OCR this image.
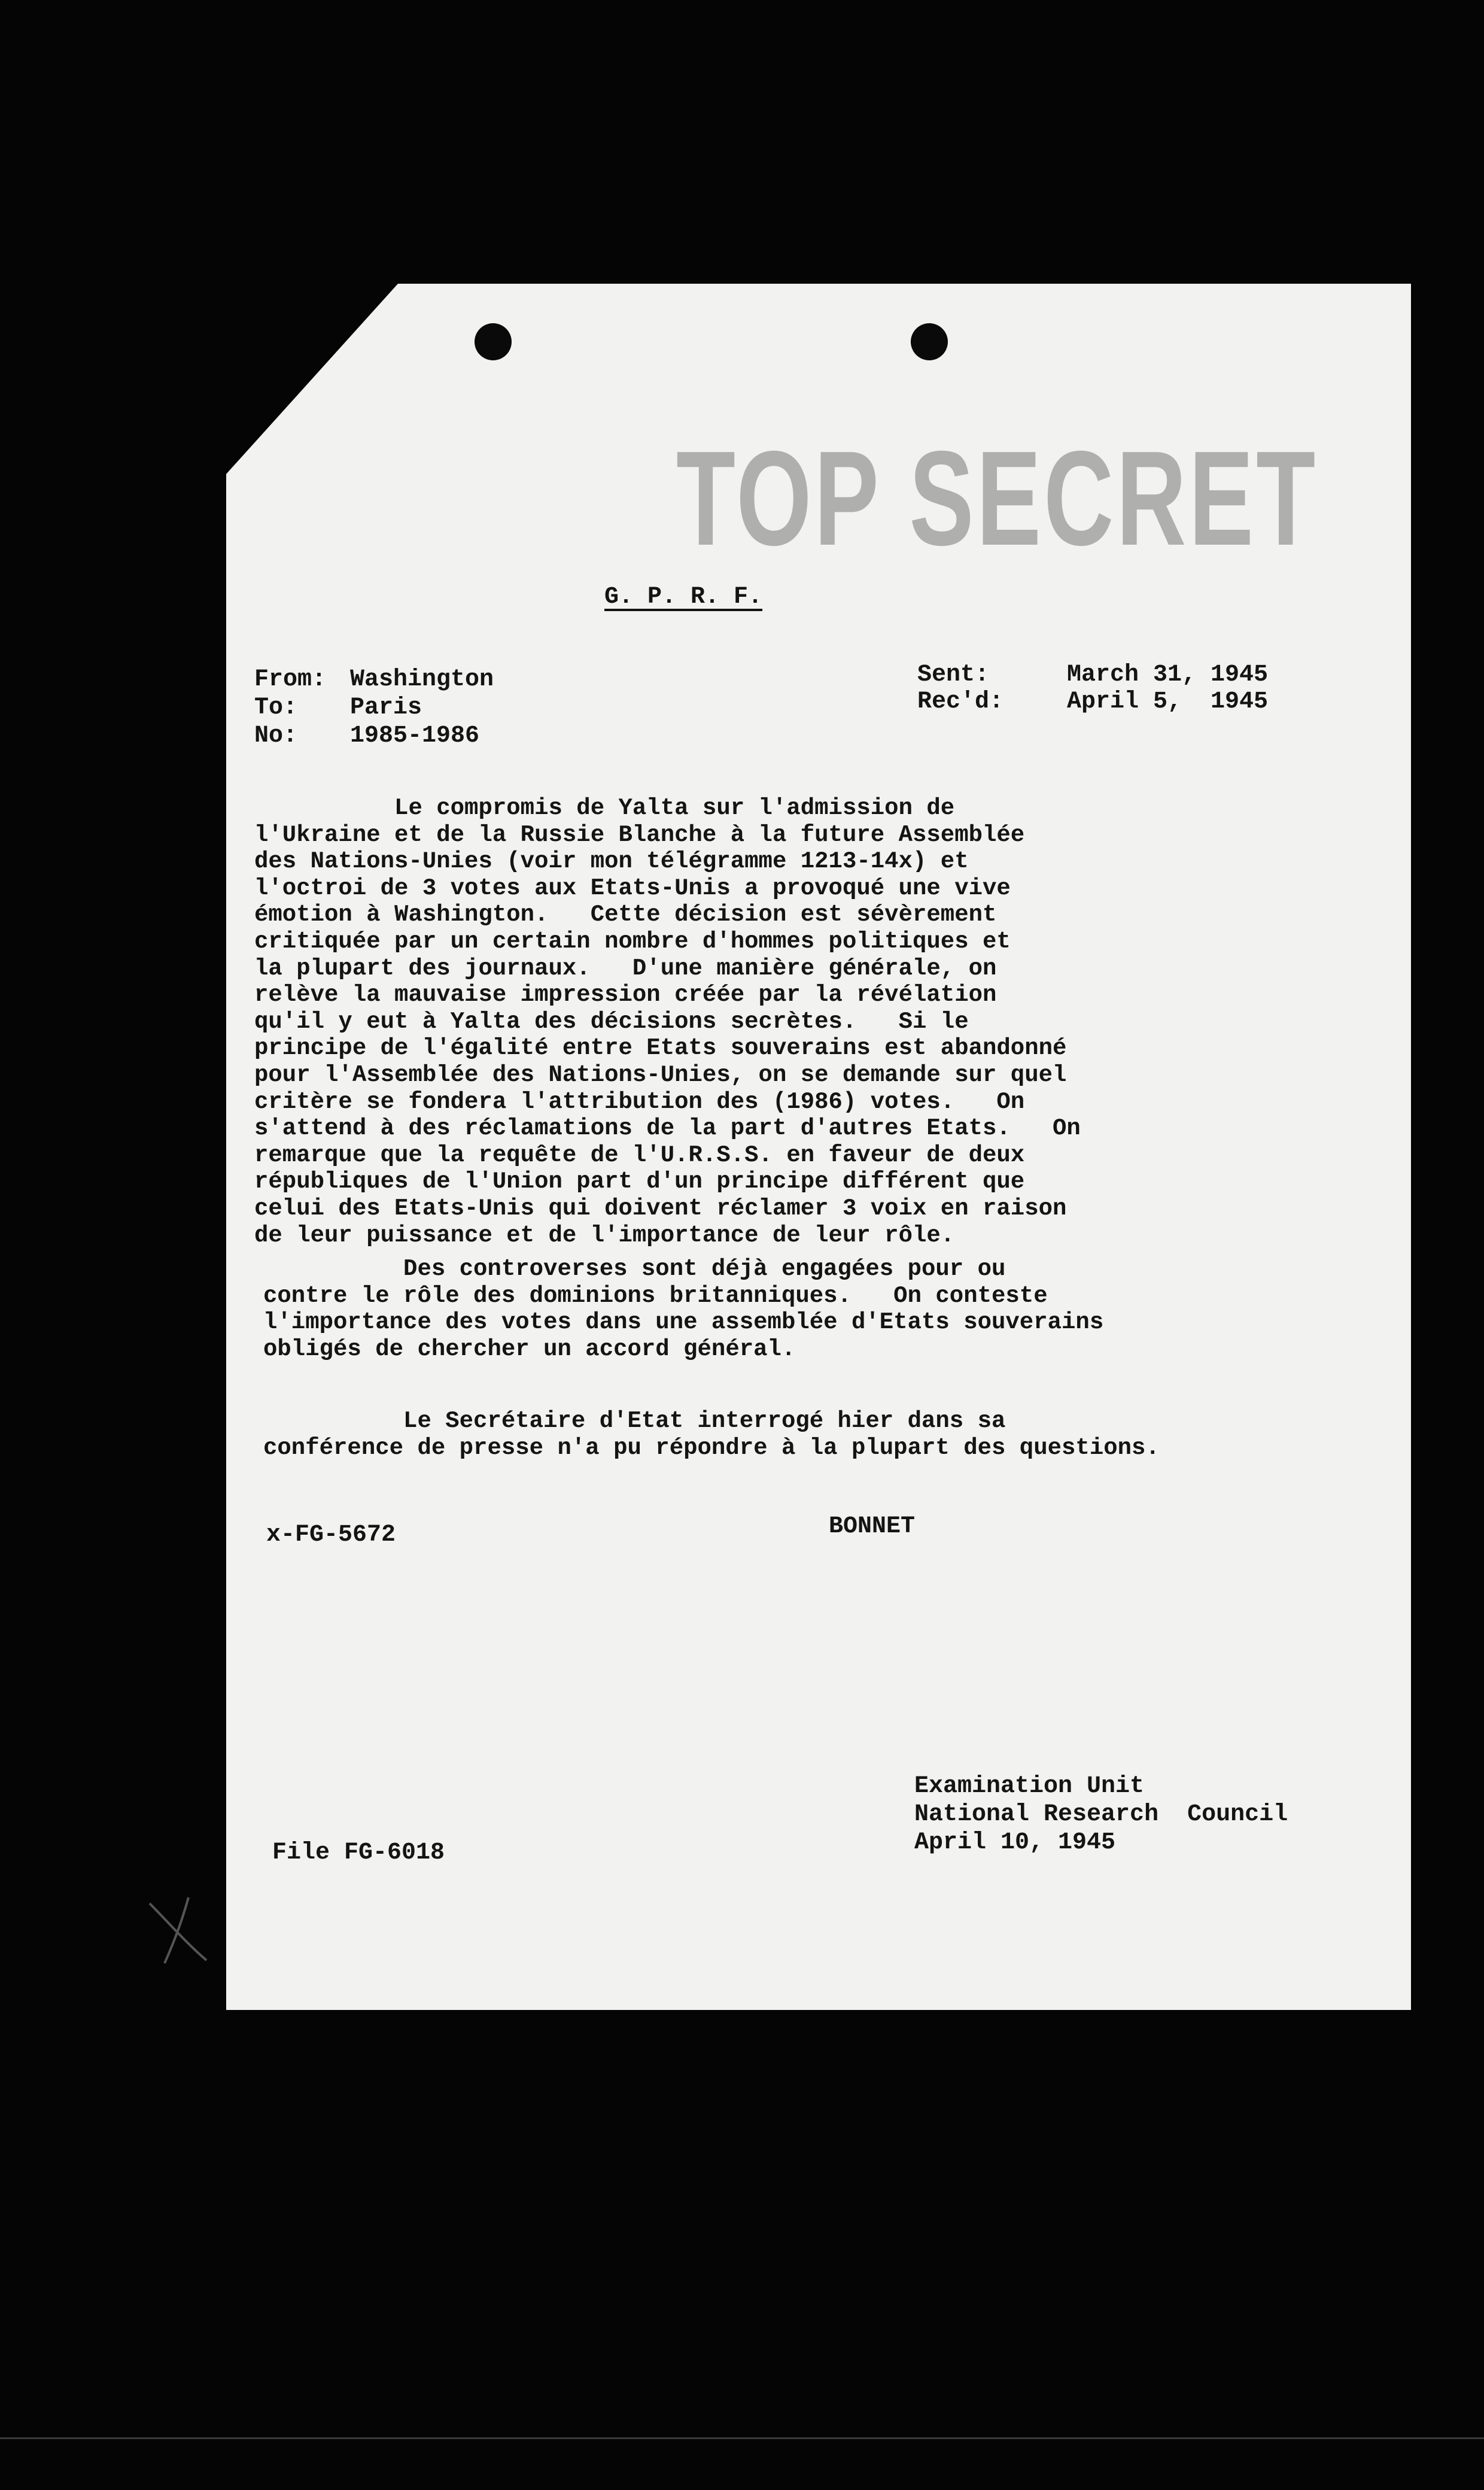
TOP SECRET
G. P. R. F.
From: Washington
To: Paris
No: 1985-1986
Sent:	March 31, 1945
Rec'd:	April 5,  1945
Le compromis de Yalta sur l'admission de
l'Ukraine et de la Russie Blanche à la future Assemblée
des Nations-Unies (voir mon télégramme 1213-14x) et
l'octroi de 3 votes aux Etats-Unis a provoqué une vive
émotion à Washington.   Cette décision est sévèrement
critiquée par un certain nombre d'hommes politiques et
la plupart des journaux.   D'une manière générale, on
relève la mauvaise impression créée par la révélation
qu'il y eut à Yalta des décisions secrètes.   Si le
principe de l'égalité entre Etats souverains est abandonné
pour l'Assemblée des Nations-Unies, on se demande sur quel
critère se fondera l'attribution des (1986) votes.   On
s'attend à des réclamations de la part d'autres Etats.   On
remarque que la requête de l'U.R.S.S. en faveur de deux
républiques de l'Union part d'un principe différent que
celui des Etats-Unis qui doivent réclamer 3 voix en raison
de leur puissance et de l'importance de leur rôle.
Des controverses sont déjà engagées pour ou
contre le rôle des dominions britanniques.   On conteste
l'importance des votes dans une assemblée d'Etats souverains
obligés de chercher un accord général.
Le Secrétaire d'Etat interrogé hier dans sa
conférence de presse n'a pu répondre à la plupart des questions.
x-FG-5672	BONNET
Examination Unit
National Research  Council
April 10, 1945
File FG-6018
